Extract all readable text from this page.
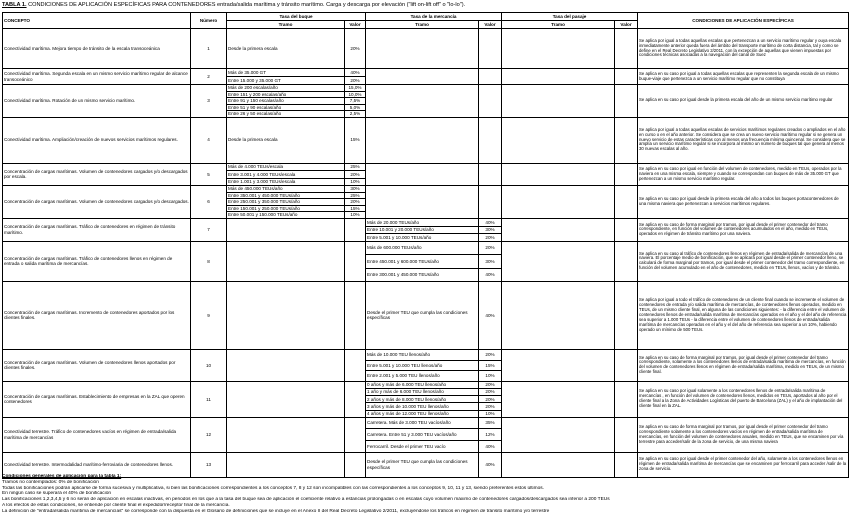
TABLA 1. CONDICIONES DE APLICACIÓN ESPECÍFICAS PARA CONTENEDORES entrada/salida marítima y tránsito marítimo. Carga y descarga por elevación ("lift on-lift off" o "lo-lo").
CONCEPTO	Número	Tasa del buque		Tasa de la mercancía		Tasa del pasaje		CONDICIONES DE APLICACIÓN ESPECÍFICAS
		Tramo	Valor	Tramo	Valor	Tramo	Valor	
Conectividad marítima. Mejora tiempo de tránsito de la escala transoceánica	1	Desde la primera escala	20%					Se aplica por igual a todas aquellas escalas que pertenezcan a un servicio marítimo regular y ouya escala inmediatamente anterior queda fuera del ámbito del transporte marítimo de corta distancia, tal y como se define en el Real Decreto Legislativo 2/2011, con la excepción de aquellas que vienen impuestas por condiciones técnicas asociadas a la navegación del canal de Suez
Conectividad marítima. Segunda escala en un mismo servicio marítimo regular de alcance transoceánico	2	Más de 35.000 GT	40%					Se aplica en su caso por igual a todas aquellas escalas que representen la segunda escala de un mismo buque-viaje que pertenezca a un servicio marítimo regular que no constituya
		Entre 15.000 y 35.000 GT	20%					
Conectividad marítima. Rotación de un mismo servicio marítimo.	3	Más de 200 escalas/año	15,0%					Se aplica en su caso por igual desde la primera escala del año de un mismo servicio marítimo regular
		Entre 151 y 200 escalas/año	10,0%					
		Entre 91 y 150 escalas/año	7,5%					
		Entre 51 y 90 escalas/año	5,0%					
		Entre 26 y 50 escalas/año	2,5%					
Conectividad marítima. Ampliación/creación de nuevos servicios marítimos regulares.	4	Desde la primera escala	15%					Se aplica por igual a todas aquellas escalas de servicios marítimos regulares creados o ampliados en el año en curso o en el año anterior. Se considera que se crea un nuevo servicio marítimo regular si se genera un nuevo servicio de estas características con al menos una frecuencia mínima quincenal. Se considera que se amplía un servicio marítimo regular si se incorpora al mismo un número de buques tal que genera al menos 30 nuevas escalas al año.
Concentración de cargas marítimas. Volumen de contenedores cargados y/o descargados por escala.	5	Más de 4.000 TEUs/escala	25%					Se aplica en su caso por igual en función del volumen de contenedores, medido en TEUs, operados por la naviera en una misma escala, siempre y cuando se correspondan con buques de más de 35.000 GT que pertenezcan a un mismo servicio marítimo regular.
		Entre 3.001 y 4.000 TEUs/escala	20%					
		Entre 1.001 y 3.000 TEUs/escala	10%					
Concentración de cargas marítimas. Volumen de contenedores cargados y/o descargados.	6	Más de 450.000 TEUs/año	30%					Se aplica en su caso por igual desde la primera escala del año a todos los buques portacontenedores de una misma naviera que pertenezcan a servicios marítimos regulares.
		Entre 350.001 y 450.000 TEUs/año	25%					
		Entre 250.001 y 350.000 TEUs/año	20%					
		Entre 150.001 y 250.000 TEUs/año	15%					
		Entre 50.001 y 150.000 TEUs/año	10%					
Concentración de cargas marítimas. Tráfico de contenedores en régimen de tránsito marítimo.	7			Más de 20.000 TEUs/año	40%			Se aplica en su caso de forma marginal por tramos, por igual desde el primer contenedor del tramo correspondiente, en función del volumen de contenedores acumulados en el año, medido en TEUs, operados en régimen de tránsito marítimo por una naviera.
				Entre 10.001 y 20.000 TEUs/año	30%			
				Entre 5.001 y 10.000 TEUs/año	20%			
Concentración de cargas marítimas. Tráfico de contenedores llenos en régimen de entrada o salida marítima de mercancías.	8			Más de 600.000 TEUs/año	20%			Se aplica en su caso al tráfico de contenedores llenos en régimen de entrada/salida de mercancías de una naviera. El porcentaje medio de bonificación, que se aplicará por igual desde el primer contenedor lleno, se calculará de forma marginal por tramos, por igual desde el primer contenedor del tramo correspondiente, en función del volumen acumulado en el año de contenedores, medido en TEUs, llenos, vacíos y de tránsito.
				Entre 450.001 y 600.000 TEUs/año	30%			
				Entre 300.001 y 450.000 TEUs/año	40%			
Concentración de cargas marítimas. Incremento de contenedores aportados por los clientes finales.	9			Desde el primer TEU que cumpla las condiciones específicas	40%			Se aplica por igual a todo el tráfico de contenedores de un cliente final cuando se incremente el volumen de contenedores de entrada y/o salida marítima de mercancías, de contenedores llenos operados, medido en TEUs, de un mismo cliente final, en alguna de las condiciones siguientes: - la diferencia entre el volumen de contenedores llenos de entrada/salida marítima de mercancías operados en el año y el del año de referencia sea superior a 1.000 TEUs - la diferencia entre el volumen de contenedores llenos de entrada/salida marítima de mercancías operados en el año y el del año de referencia sea superior a un 10%, habiendo operado un mínimo de 500 TEUs.
Concentración de cargas marítimas. Volumen de contenedores llenos aportados por clientes finales.	10			Más de 10.000 TEU llenos/año	20%			Se aplica en su caso de forma marginal por tramos, por igual desde el primer contenedor del tramo correspondiente, solamente a los contenedores llenos de entrada/salida marítima de mercancías, en función del volumen de contenedores llenos en régimen de entrada/salida marítima, medido en TEUs, de un mismo cliente final.
				Entre 5.001 y 10.000 TEU llenos/año	15%			
				Entre 2.001 y 5.000 TEU llenos/año	10%			
Concentración de cargas marítimas. Establecimiento de empresas en la ZAL que operen contenedores	11			0 años y más de 6.000 TEU llenos/año	20%			Se aplica en su caso por igual solamente a los contenedores llenos de entrada/salida marítima de mercancías , en función del volumen de contenedores llenos, medidos en TEUs, aportados al año por el cliente final a la Zona de Actividades Logísticas del puerto de Barcelona (ZAL) y el año de implantación del cliente final en la ZAL.
				1 año y más de 6.000 TEU llenos/año	20%			
				2 años y más de 8.000 TEU llenos/año	20%			
				3 años y más de 10.000 TEU llenos/año	20%			
				4 años y más de 12.000 TEU llenos/año	10%			
Conectividad terrestre. Tráfico de contenedores vacíos en régimen de entrada/salida marítima de mercancías	12			Carretera. Más de 3.000 TEU vacíos/año	35%			Se aplica en su caso de forma marginal por tramos, por igual desde el primer contenedor del tramo correspondiente solamente a los contenedores vacíos en régimen de entrada/salida marítima de mercancías, en función del volumen de contenedores anuales, medido en TEUs, que se encaminen por vía terrestre para acceder/salir de la zona de servicio, de una misma naviera
				Carretera. Entre 51 y 3.000 TEU vacíos/año	12%			
				Ferrocarril. Desde el primer TEU vacío	40%			
Conectividad terrestre. Intermodalidad marítimo-ferroviaria de contenedores llenos.	13			Desde el primer TEU que cumpla las condiciones específicas	40%			Se aplica en su caso por igual desde el primer contenedor del año, solamente a los contenedores llenos en régimen de entrada/salida marítima de mercancías que se encaminen por ferrocarril para acceder /salir de la zona de servicio.
Condiciones generales de aplicación para la tabla 1:
Tramos no contemplados: 0% de bonificación
Todas las bonificaciones podrán aplicarse de forma sucesiva y multiplicativa, si bien las bonificaciones correspondientes a los conceptos 7, 8 y 12 son incompatibles con las correspondientes a los conceptos 9, 10, 11 y 13, siendo preferentes estos últimos.
En ningún caso se superará el 40% de bonificación
Las bonificaciones 1,2,3,4,5 y 6 no serán de aplicación en escalas inactivas, en periodos en los que a la tasa del buque sea de aplicación el coeficiente relativo a estancias prolongadas o en escalas cuyo volumen máximo de contenedores cargados/descargados sea inferior a 200 TEUs
A los efectos de estas condiciones, se entiende por cliente final el expedidor/receptor final de la mercancía.
La definición de "entrada/salida marítima de mercancías" se corresponde con la dispuesta en el Glosario de definiciones que se incluye en el Anexo II del Real Decreto Legislativo 2/2011, excluyéndose los tráficos en régimen de tránsito marítimo y/o terrestre
